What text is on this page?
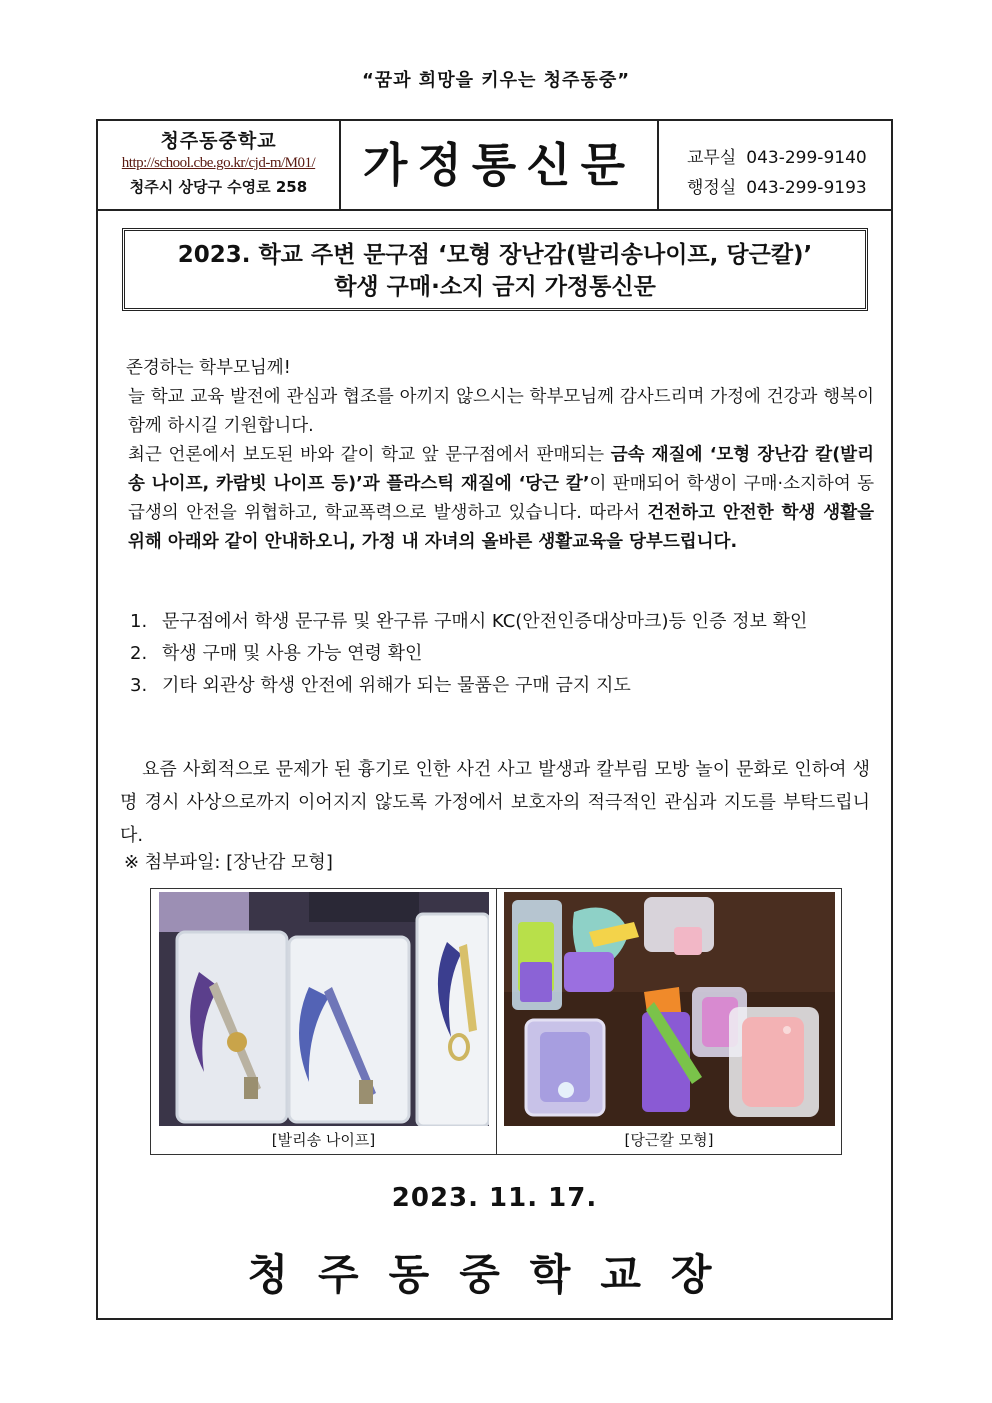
“꿈과 희망을 키우는 청주동중”
청주동중학교
http://school.cbe.go.kr/cjd-m/M01/
청주시 상당구 수영로 258	가정통신문	교무실 043-299-9140
행정실 043-299-9193
2023. 학교 주변 문구점 ‘모형 장난감(발리송나이프, 당근칼)’
학생 구매·소지 금지 가정통신문

존경하는 학부모님께!

늘 학교 교육 발전에 관심과 협조를 아끼지 않으시는 학부모님께 감사드리며 가정에 건강과 행복이 함께 하시길 기원합니다.

최근 언론에서 보도된 바와 같이 학교 앞 문구점에서 판매되는 금속 재질에 ‘모형 장난감 칼(발리송 나이프, 카람빗 나이프 등)’과 플라스틱 재질에 ‘당근 칼’이 판매되어 학생이 구매·소지하여 동급생의 안전을 위협하고, 학교폭력으로 발생하고 있습니다. 따라서 건전하고 안전한 학생 생활을 위해 아래와 같이 안내하오니, 가정 내 자녀의 올바른 생활교육을 당부드립니다.

1. 문구점에서 학생 문구류 및 완구류 구매시 KC(안전인증대상마크)등 인증 정보 확인
2. 학생 구매 및 사용 가능 연령 확인
3. 기타 외관상 학생 안전에 위해가 되는 물품은 구매 금지 지도

요즘 사회적으로 문제가 된 흉기로 인한 사건 사고 발생과 칼부림 모방 놀이 문화로 인하여 생명 경시 사상으로까지 이어지지 않도록 가정에서 보호자의 적극적인 관심과 지도를 부탁드립니다.

※ 첨부파일: [장난감 모형]
[발리송 나이프]	[당근칼 모형]
2023. 11. 17.
청주동중학교장
